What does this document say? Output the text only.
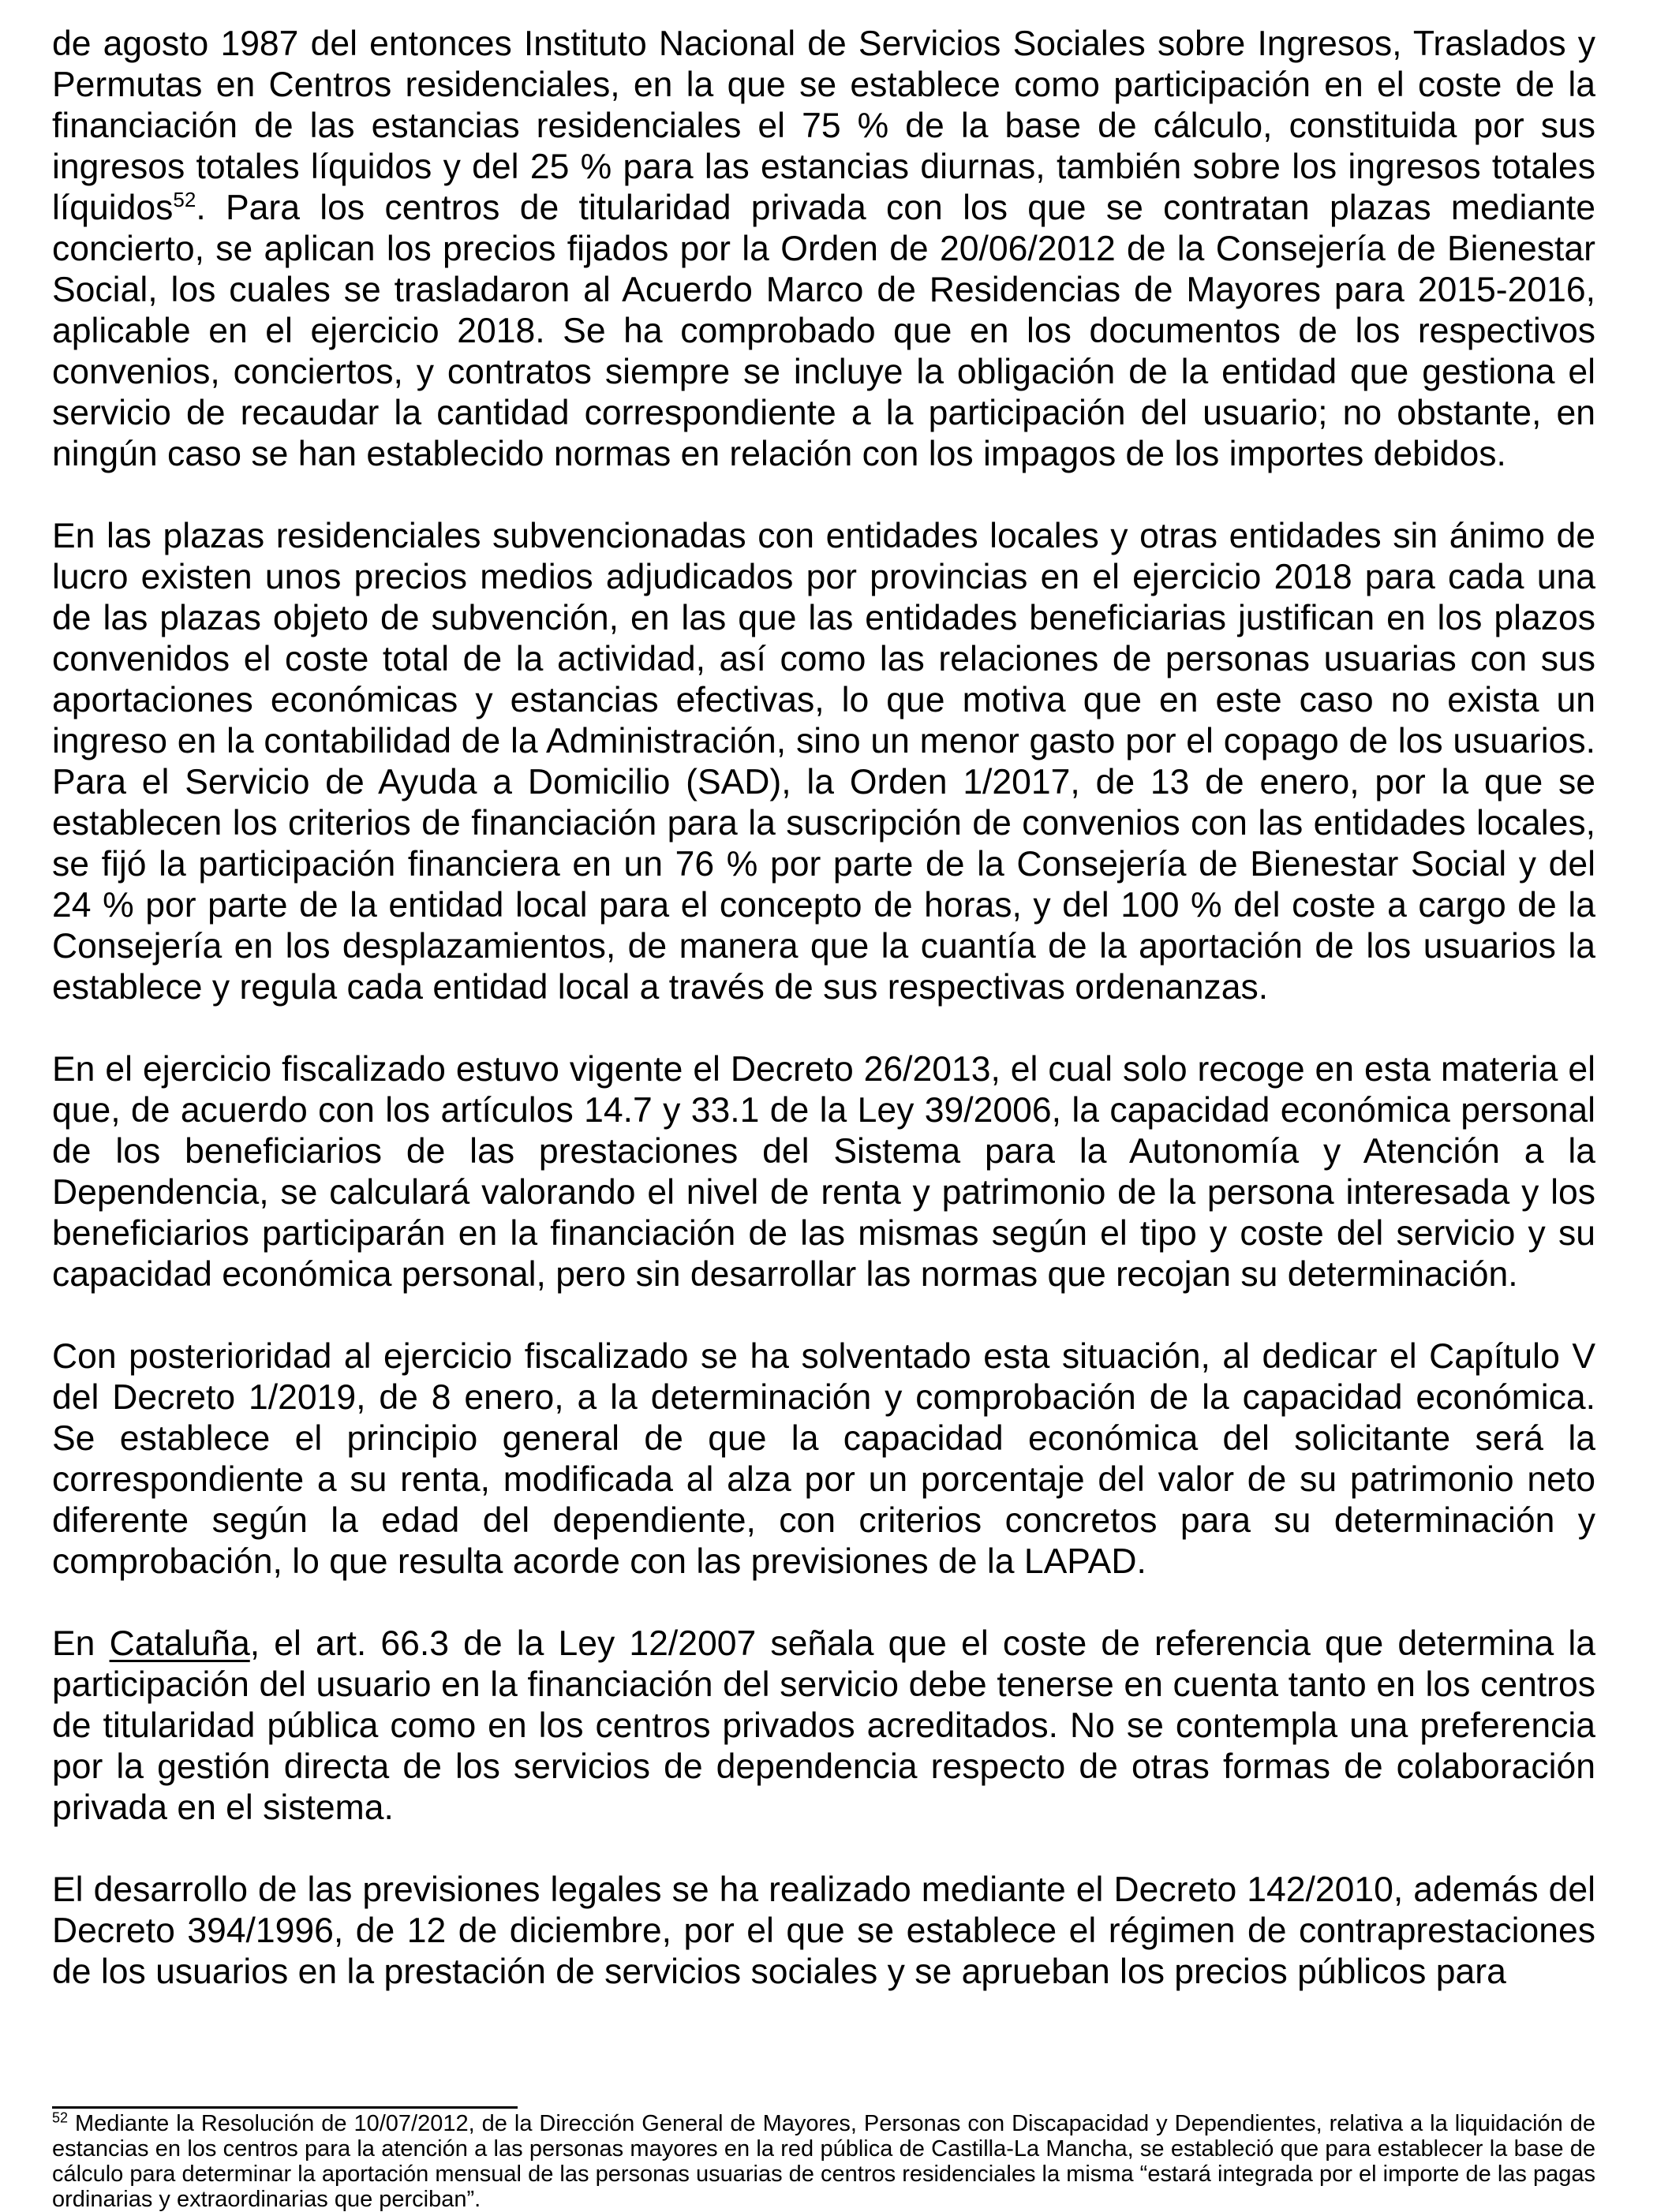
de agosto 1987 del entonces Instituto Nacional de Servicios Sociales sobre Ingresos, Traslados y Permutas en Centros residenciales, en la que se establece como participación en el coste de la financiación de las estancias residenciales el 75 % de la base de cálculo, constituida por sus ingresos totales líquidos y del 25 % para las estancias diurnas, también sobre los ingresos totales líquidos$^{52}$. Para los centros de titularidad privada con los que se contratan plazas mediante concierto, se aplican los precios fijados por la Orden de 20/06/2012 de la Consejería de Bienestar Social, los cuales se trasladaron al Acuerdo Marco de Residencias de Mayores para 2015-2016, aplicable en el ejercicio 2018. Se ha comprobado que en los documentos de los respectivos convenios, conciertos, y contratos siempre se incluye la obligación de la entidad que gestiona el servicio de recaudar la cantidad correspondiente a la participación del usuario; no obstante, en ningún caso se han establecido normas en relación con los impagos de los importes debidos.

En las plazas residenciales subvencionadas con entidades locales y otras entidades sin ánimo de lucro existen unos precios medios adjudicados por provincias en el ejercicio 2018 para cada una de las plazas objeto de subvención, en las que las entidades beneficiarias justifican en los plazos convenidos el coste total de la actividad, así como las relaciones de personas usuarias con sus aportaciones económicas y estancias efectivas, lo que motiva que en este caso no exista un ingreso en la contabilidad de la Administración, sino un menor gasto por el copago de los usuarios. Para el Servicio de Ayuda a Domicilio (SAD), la Orden 1/2017, de 13 de enero, por la que se establecen los criterios de financiación para la suscripción de convenios con las entidades locales, se fijó la participación financiera en un 76 % por parte de la Consejería de Bienestar Social y del 24 % por parte de la entidad local para el concepto de horas, y del 100 % del coste a cargo de la Consejería en los desplazamientos, de manera que la cuantía de la aportación de los usuarios la establece y regula cada entidad local a través de sus respectivas ordenanzas.

En el ejercicio fiscalizado estuvo vigente el Decreto 26/2013, el cual solo recoge en esta materia el que, de acuerdo con los artículos 14.7 y 33.1 de la Ley 39/2006, la capacidad económica personal de los beneficiarios de las prestaciones del Sistema para la Autonomía y Atención a la Dependencia, se calculará valorando el nivel de renta y patrimonio de la persona interesada y los beneficiarios participarán en la financiación de las mismas según el tipo y coste del servicio y su capacidad económica personal, pero sin desarrollar las normas que recojan su determinación.

Con posterioridad al ejercicio fiscalizado se ha solventado esta situación, al dedicar el Capítulo V del Decreto 1/2019, de 8 enero, a la determinación y comprobación de la capacidad económica. Se establece el principio general de que la capacidad económica del solicitante será la correspondiente a su renta, modificada al alza por un porcentaje del valor de su patrimonio neto diferente según la edad del dependiente, con criterios concretos para su determinación y comprobación, lo que resulta acorde con las previsiones de la LAPAD.

En Cataluña, el art. 66.3 de la Ley 12/2007 señala que el coste de referencia que determina la participación del usuario en la financiación del servicio debe tenerse en cuenta tanto en los centros de titularidad pública como en los centros privados acreditados. No se contempla una preferencia por la gestión directa de los servicios de dependencia respecto de otras formas de colaboración privada en el sistema.

El desarrollo de las previsiones legales se ha realizado mediante el Decreto 142/2010, además del Decreto 394/1996, de 12 de diciembre, por el que se establece el régimen de contraprestaciones de los usuarios en la prestación de servicios sociales y se aprueban los precios públicos para

$^{52}$ Mediante la Resolución de 10/07/2012, de la Dirección General de Mayores, Personas con Discapacidad y Dependientes, relativa a la liquidación de estancias en los centros para la atención a las personas mayores en la red pública de Castilla-La Mancha, se estableció que para establecer la base de cálculo para determinar la aportación mensual de las personas usuarias de centros residenciales la misma “estará integrada por el importe de las pagas ordinarias y extraordinarias que perciban”.
